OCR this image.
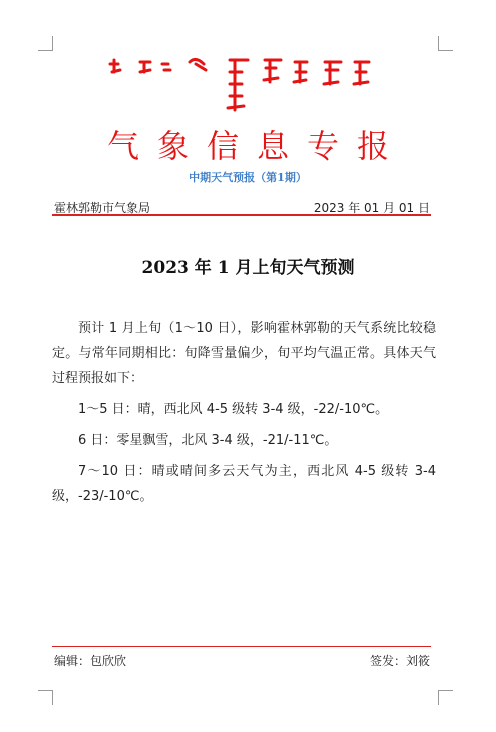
气象信息专报
中期天气预报（第1期）
霍林郭勒市气象局	2023 年 01 月 01 日
2023 年 1 月上旬天气预测

预计 1 月上旬（1～10 日），影响霍林郭勒的天气系统比较稳定。与常年同期相比：旬降雪量偏少，旬平均气温正常。具体天气过程预报如下：

1～5 日：晴，西北风 4-5 级转 3-4 级，-22/-10℃。

6 日：零星飘雪，北风 3-4 级，-21/-11℃。

7～10 日：晴或晴间多云天气为主，西北风 4-5 级转 3-4 级，-23/-10℃。

编辑：包欣欣	签发：刘筱
